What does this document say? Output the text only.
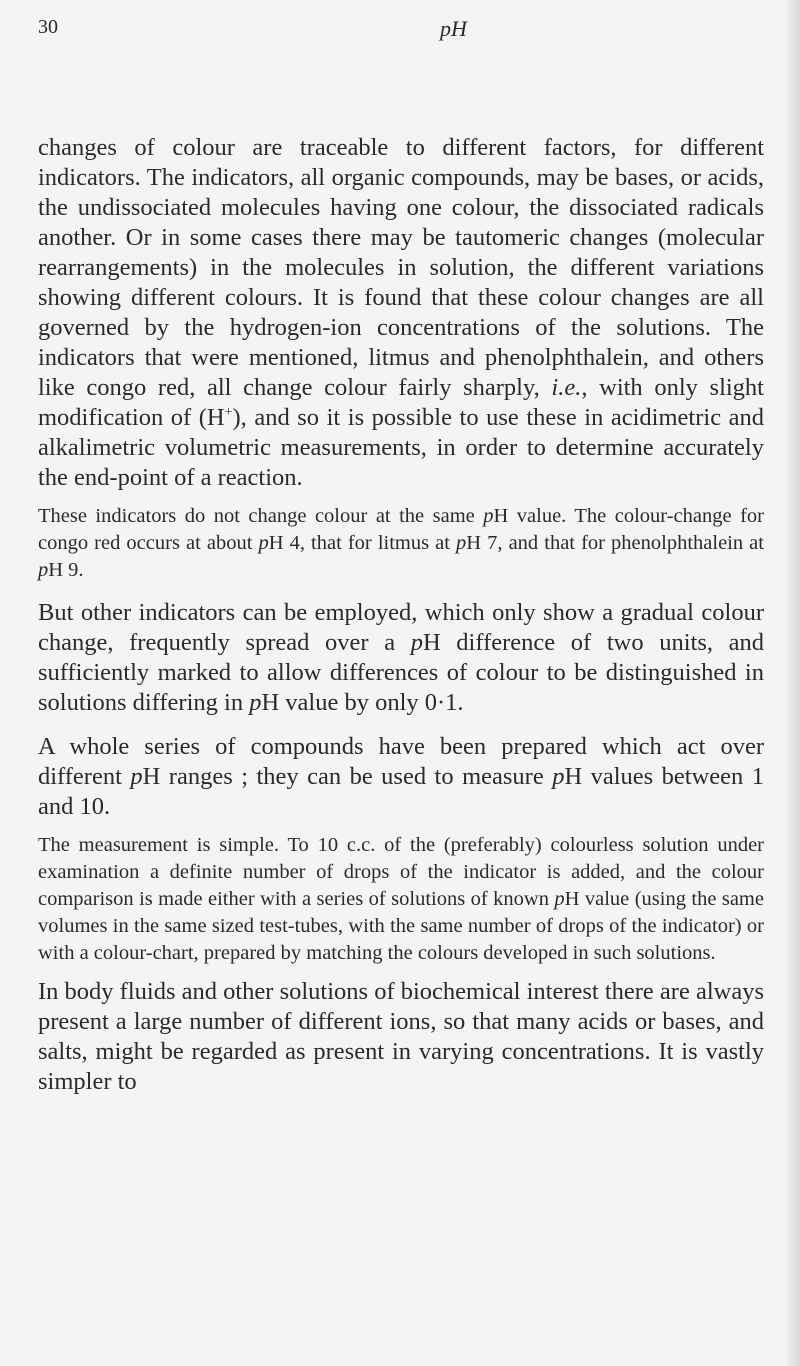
30	pH

changes of colour are traceable to different factors, for different indicators. The indicators, all organic compounds, may be bases, or acids, the undissociated molecules having one colour, the dissociated radicals another. Or in some cases there may be tautomeric changes (molecular rearrangements) in the molecules in solution, the different variations showing different colours. It is found that these colour changes are all governed by the hydrogen-ion concentrations of the solutions. The indicators that were mentioned, litmus and phenolphthalein, and others like congo red, all change colour fairly sharply, i.e., with only slight modification of (H+), and so it is possible to use these in acidimetric and alkalimetric volumetric measurements, in order to determine accurately the end-point of a reaction.

These indicators do not change colour at the same pH value. The colour-change for congo red occurs at about pH 4, that for litmus at pH 7, and that for phenolphthalein at pH 9.

But other indicators can be employed, which only show a gradual colour change, frequently spread over a pH difference of two units, and sufficiently marked to allow differences of colour to be distinguished in solutions differing in pH value by only 0·1.

A whole series of compounds have been prepared which act over different pH ranges ; they can be used to measure pH values between 1 and 10.

The measurement is simple. To 10 c.c. of the (preferably) colourless solution under examination a definite number of drops of the indicator is added, and the colour comparison is made either with a series of solutions of known pH value (using the same volumes in the same sized test-tubes, with the same number of drops of the indicator) or with a colour-chart, prepared by matching the colours developed in such solutions.

In body fluids and other solutions of biochemical interest there are always present a large number of different ions, so that many acids or bases, and salts, might be regarded as present in varying concentrations. It is vastly simpler to
